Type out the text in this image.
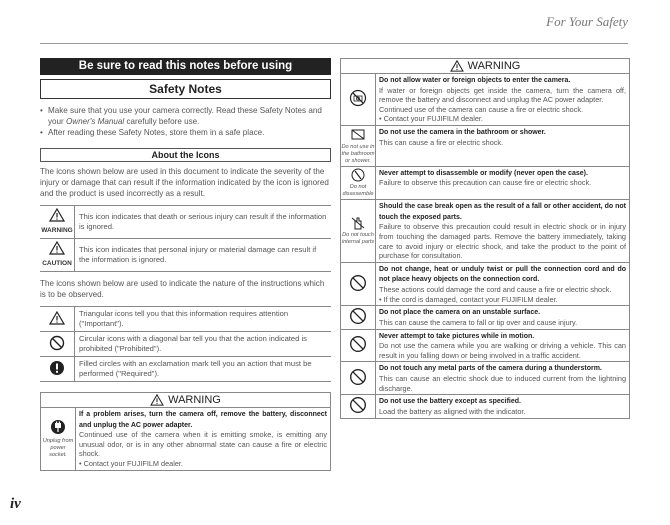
For Your Safety
iv
Be sure to read this notes before using
Safety Notes
• Make sure that you use your camera correctly. Read these Safety Notes and your Owner's Manual carefully before use.
• After reading these Safety Notes, store them in a safe place.
About the Icons

The icons shown below are used in this document to indicate the severity of the injury or damage that can result if the information indicated by the icon is ignored and the product is used incorrectly as a result.

WARNING	This icon indicates that death or serious injury can result if the information is ignored.

CAUTION	This icon indicates that personal injury or material damage can result if the information is ignored.

The icons shown below are used to indicate the nature of the instructions which is to be observed.

	Triangular icons tell you that this information requires attention ("Important").
	Circular icons with a diagonal bar tell you that the action indicated is prohibited ("Prohibited").
	Filled circles with an exclamation mark tell you an action that must be performed ("Required").
WARNING
Unplug from power socket.
	If a problem arises, turn the camera off, remove the battery, disconnect and unplug the AC power adapter.
Continued use of the camera when it is emitting smoke, is emitting any unusual odor, or is in any other abnormal state can cause a fire or electric shock.
• Contact your FUJIFILM dealer.
WARNING
	Do not allow water or foreign objects to enter the camera.
If water or foreign objects get inside the camera, turn the camera off, remove the battery and disconnect and unplug the AC power adapter.
Continued use of the camera can cause a fire or electric shock.
• Contact your FUJIFILM dealer.

Do not use in the bathroom or shower.	Do not use the camera in the bathroom or shower.
This can cause a fire or electric shock.

Do not disassemble	Never attempt to disassemble or modify (never open the case).
Failure to observe this precaution can cause fire or electric shock.

Do not touch internal parts	Should the case break open as the result of a fall or other accident, do not touch the exposed parts.
Failure to observe this precaution could result in electric shock or in injury from touching the damaged parts. Remove the battery immediately, taking care to avoid injury or electric shock, and take the product to the point of purchase for consultation.
	Do not change, heat or unduly twist or pull the connection cord and do not place heavy objects on the connection cord.
These actions could damage the cord and cause a fire or electric shock.
• If the cord is damaged, contact your FUJIFILM dealer.
	Do not place the camera on an unstable surface.
This can cause the camera to fall or tip over and cause injury.
	Never attempt to take pictures while in motion.
Do not use the camera while you are walking or driving a vehicle. This can result in you falling down or being involved in a traffic accident.
	Do not touch any metal parts of the camera during a thunderstorm.
This can cause an electric shock due to induced current from the lightning discharge.
	Do not use the battery except as specified.
Load the battery as aligned with the indicator.
